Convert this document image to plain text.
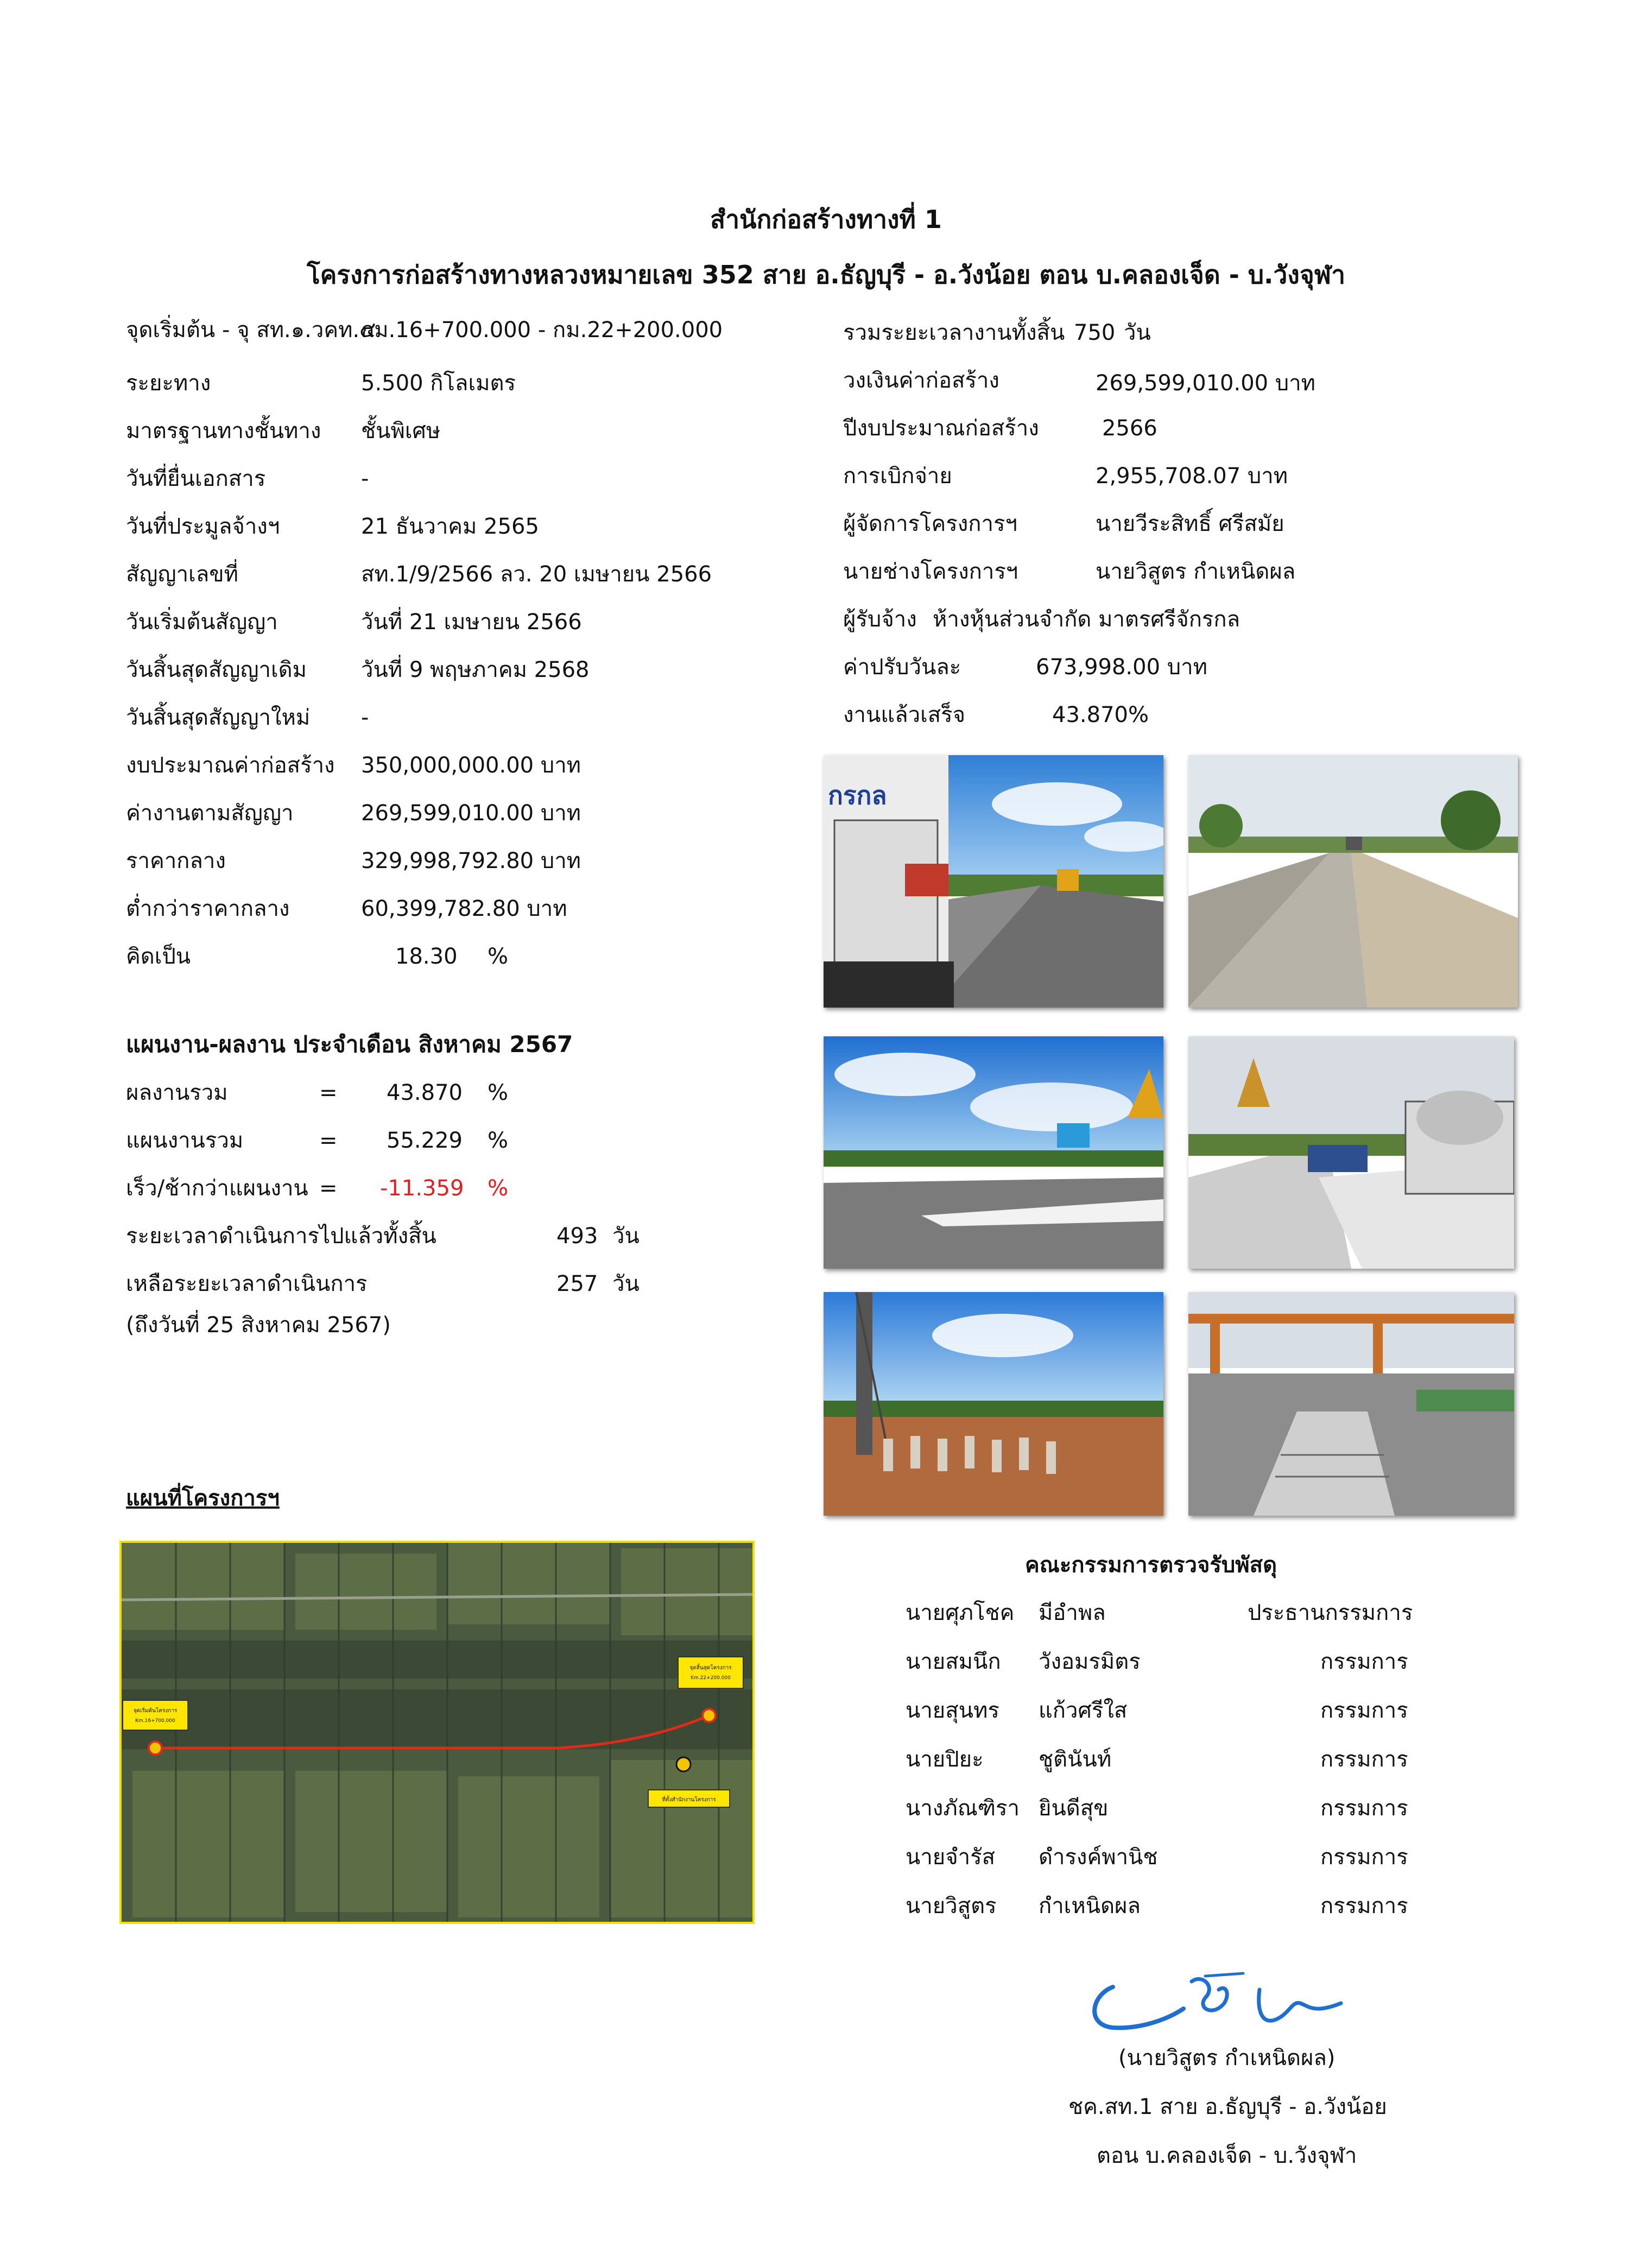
สำนักก่อสร้างทางที่ 1
โครงการก่อสร้างทางหลวงหมายเลข 352 สาย อ.ธัญบุรี - อ.วังน้อย ตอน บ.คลองเจ็ด - บ.วังจุฬา
จุดเริ่มต้น - จุ สท.๑.วคท.๔
กม.16+700.000 - กม.22+200.000
ระยะทาง	5.500 กิโลเมตร
มาตรฐานทางชั้นทาง ชั้นพิเศษ
วันที่ยื่นเอกสาร	-
วันที่ประมูลจ้างฯ	21 ธันวาคม 2565
สัญญาเลขที่	สท.1/9/2566 ลว. 20 เมษายน 2566
วันเริ่มต้นสัญญา	วันที่ 21 เมษายน 2566
วันสิ้นสุดสัญญาเดิม วันที่ 9 พฤษภาคม 2568
วันสิ้นสุดสัญญาใหม่ -
งบประมาณค่าก่อสร้าง 350,000,000.00 บาท
ค่างานตามสัญญา	269,599,010.00 บาท
ราคากลาง	329,998,792.80 บาท
ต่ำกว่าราคากลาง	60,399,782.80 บาท
คิดเป็น	18.30 %
รวมระยะเวลางานทั้งสิ้น 750 วัน
วงเงินค่าก่อสร้าง	269,599,010.00 บาท
ปีงบประมาณก่อสร้าง	2566
การเบิกจ่าย	2,955,708.07 บาท
ผู้จัดการโครงการฯ	นายวีระสิทธิ์ ศรีสมัย
นายช่างโครงการฯ	นายวิสูตร กำเหนิดผล
ผู้รับจ้าง ห้างหุ้นส่วนจำกัด มาตรศรีจักรกล
ค่าปรับวันละ	673,998.00 บาท
งานแล้วเสร็จ	43.870%
แผนงาน-ผลงาน ประจำเดือน สิงหาคม 2567
ผลงานรวม	= 43.870 %
แผนงานรวม	= 55.229 %
เร็ว/ช้ากว่าแผนงาน = -11.359 %
ระยะเวลาดำเนินการไปแล้วทั้งสิ้น	493 วัน
เหลือระยะเวลาดำเนินการ	257 วัน
(ถึงวันที่ 25 สิงหาคม 2567)
กรกล
แผนที่โครงการฯ
จุดเริ่มต้นโครงการ
Km.16+700.000
จุดสิ้นสุดโครงการ
Km.22+200.000
ที่ตั้งสำนักงานโครงการ
คณะกรรมการตรวจรับพัสดุ
นายศุภโชค มีอำพล	ประธานกรรมการ
นายสมนึก วังอมรมิตร	กรรมการ
นายสุนทร แก้วศรีใส	กรรมการ
นายปิยะ	ชูตินันท์	กรรมการ
นางภัณฑิรา ยินดีสุข	กรรมการ
นายจำรัส ดำรงค์พานิช	กรรมการ
นายวิสูตร กำเหนิดผล	กรรมการ
(นายวิสูตร กำเหนิดผล)
ชค.สท.1 สาย อ.ธัญบุรี - อ.วังน้อย
ตอน บ.คลองเจ็ด - บ.วังจุฬา
